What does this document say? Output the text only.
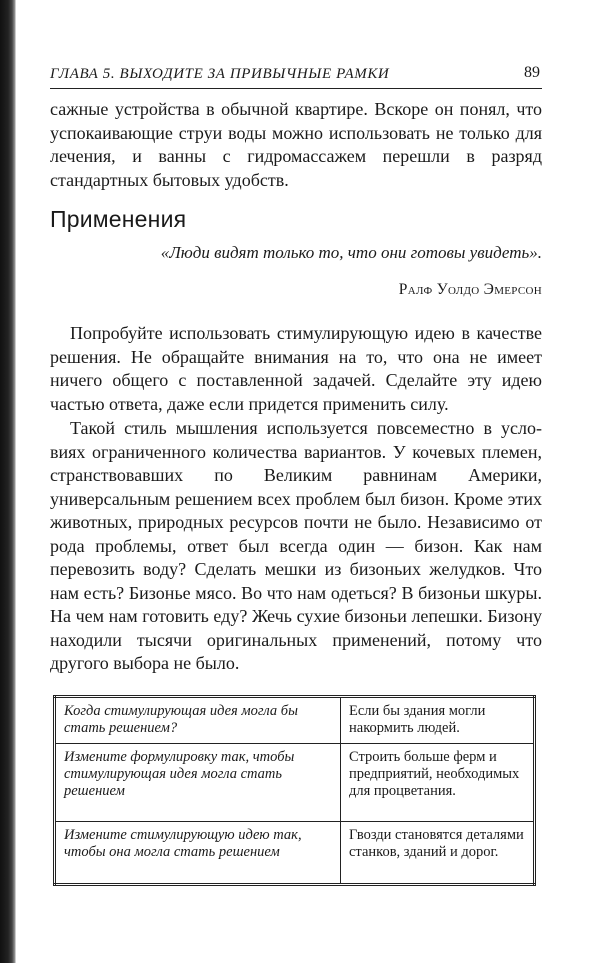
ГЛАВА 5. ВЫХОДИТЕ ЗА ПРИВЫЧНЫЕ РАМКИ	89

сажные устройства в обычной квартире. Вскоре он понял, что успокаивающие струи воды можно использовать не только для лечения, и ванны с гидромассажем перешли в разряд стандартных бытовых удобств.

Применения

«Люди видят только то, что они готовы увидеть».

Ралф Уолдо Эмерсон

Попробуйте использовать стимулирующую идею в качестве решения. Не обращайте внимания на то, что она не имеет ничего общего с поставленной задачей. Сделайте эту идею частью ответа, даже если придется применить силу.

Такой стиль мышления используется повсеместно в условиях ограниченного количества вариантов. У кочевых племен, странствовавших по Великим равнинам Америки, универсальным решением всех проблем был бизон. Кроме этих животных, природных ресурсов почти не было. Независимо от рода проблемы, ответ был всегда один — бизон. Как нам перевозить воду? Сделать мешки из бизоньих желудков. Что нам есть? Бизонье мясо. Во что нам одеться? В бизоньи шкуры. На чем нам готовить еду? Жечь сухие бизоньи лепешки. Бизону находили тысячи оригинальных применений, потому что другого выбора не было.

Когда стимулирующая идея могла бы стать решением?	Если бы здания могли накормить людей.
Измените формулировку так, чтобы стимулирующая идея могла стать решением	Строить больше ферм и предприятий, необходимых для процветания.
Измените стимулирующую идею так, чтобы она могла стать решением	Гвозди становятся деталями станков, зданий и дорог.
